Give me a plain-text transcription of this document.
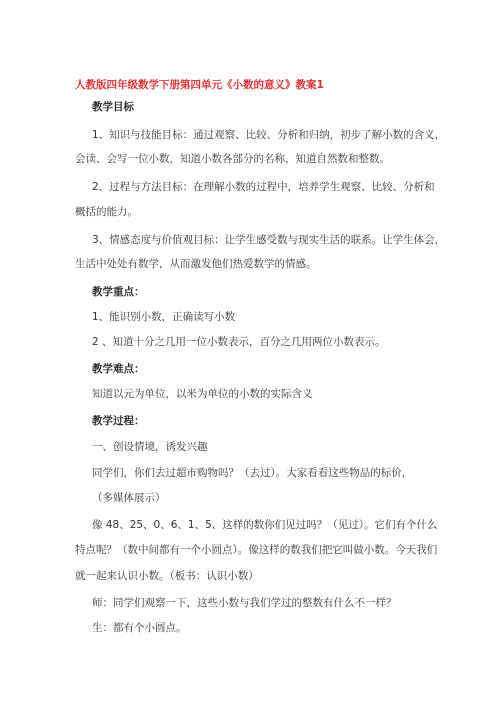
人教版四年级数学下册第四单元《小数的意义》教案1
教学目标
1、知识与技能目标：通过观察、比较、分析和归纳，初步了解小数的含义，
会读、会写一位小数，知道小数各部分的名称，知道自然数和整数。
2、过程与方法目标：在理解小数的过程中，培养学生观察、比较、分析和
概括的能力。
3、情感态度与价值观目标：让学生感受数与现实生活的联系。让学生体会，
生活中处处有数学，从而激发他们热爱数学的情感。
教学重点：
1、能识别小数，正确读写小数
2 、知道十分之几用一位小数表示，百分之几用两位小数表示。
教学难点：
知道以元为单位，以米为单位的小数的实际含义
教学过程：
一、创设情境，诱发兴趣
同学们，你们去过超市购物吗？（去过）。大家看看这些物品的标价，
（多媒体展示）
像 48、25、0、6、1、5、这样的数你们见过吗？（见过）。它们有个什么
特点呢？（数中间都有一个小圆点）。像这样的数我们把它叫做小数。今天我们
就一起来认识小数。（板书：认识小数）
师：同学们观察一下，这些小数与我们学过的整数有什么不一样？
生：都有个小圆点。
